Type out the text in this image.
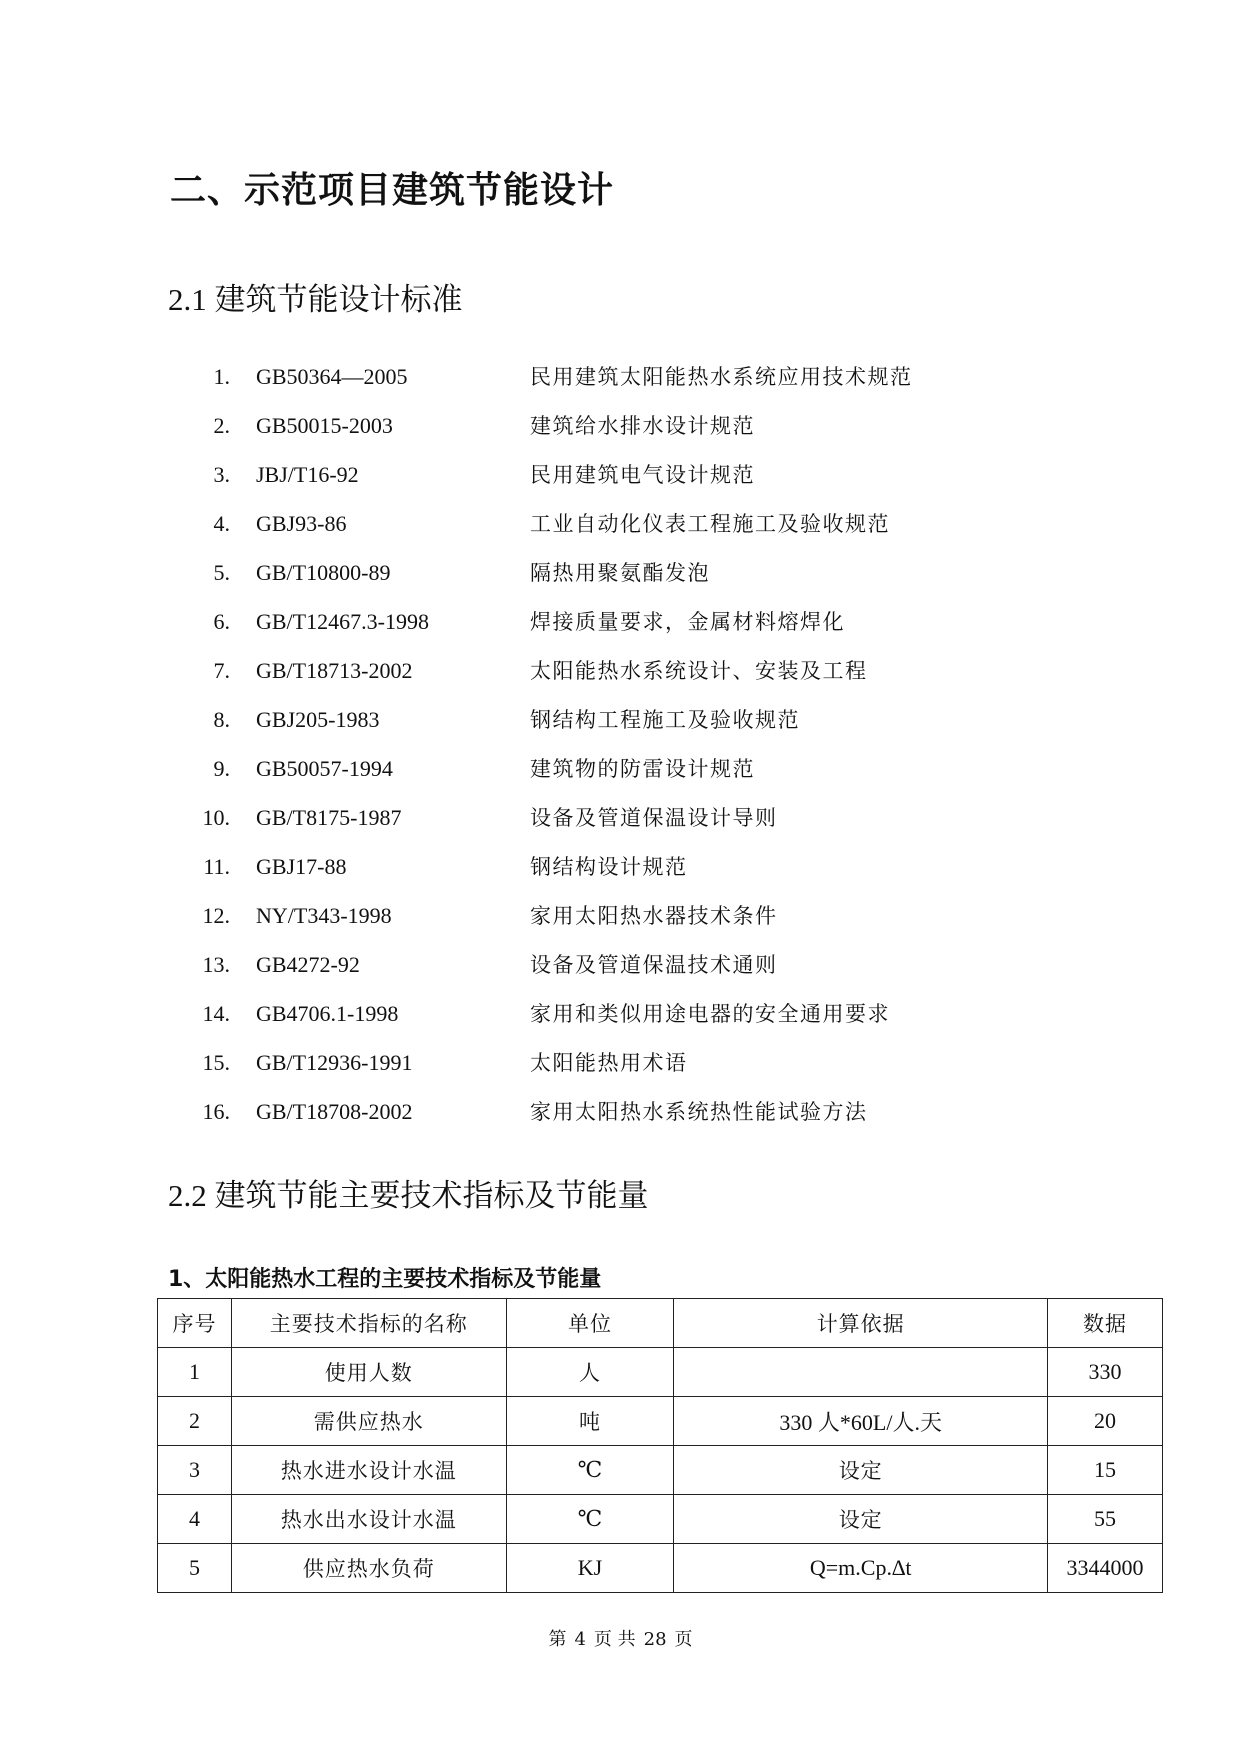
二、示范项目建筑节能设计
2.1 建筑节能设计标准
1. GB50364—2005	民用建筑太阳能热水系统应用技术规范
2. GB50015-2003	建筑给水排水设计规范
3. JBJ/T16-92	民用建筑电气设计规范
4. GBJ93-86	工业自动化仪表工程施工及验收规范
5. GB/T10800-89	隔热用聚氨酯发泡
6. GB/T12467.3-1998	焊接质量要求，金属材料熔焊化
7. GB/T18713-2002	太阳能热水系统设计、安装及工程
8. GBJ205-1983	钢结构工程施工及验收规范
9. GB50057-1994	建筑物的防雷设计规范
10. GB/T8175-1987	设备及管道保温设计导则
11. GBJ17-88	钢结构设计规范
12. NY/T343-1998	家用太阳热水器技术条件
13. GB4272-92	设备及管道保温技术通则
14. GB4706.1-1998	家用和类似用途电器的安全通用要求
15. GB/T12936-1991	太阳能热用术语
16. GB/T18708-2002	家用太阳热水系统热性能试验方法
2.2 建筑节能主要技术指标及节能量
1、太阳能热水工程的主要技术指标及节能量
序号	主要技术指标的名称	单位	计算依据	数据
1	使用人数	人		330
2	需供应热水	吨	330 人*60L/人.天	20
3	热水进水设计水温	℃	设定	15
4	热水出水设计水温	℃	设定	55
5	供应热水负荷	KJ	Q=m.Cp.∆t	3344000
第 4 页 共 28 页
